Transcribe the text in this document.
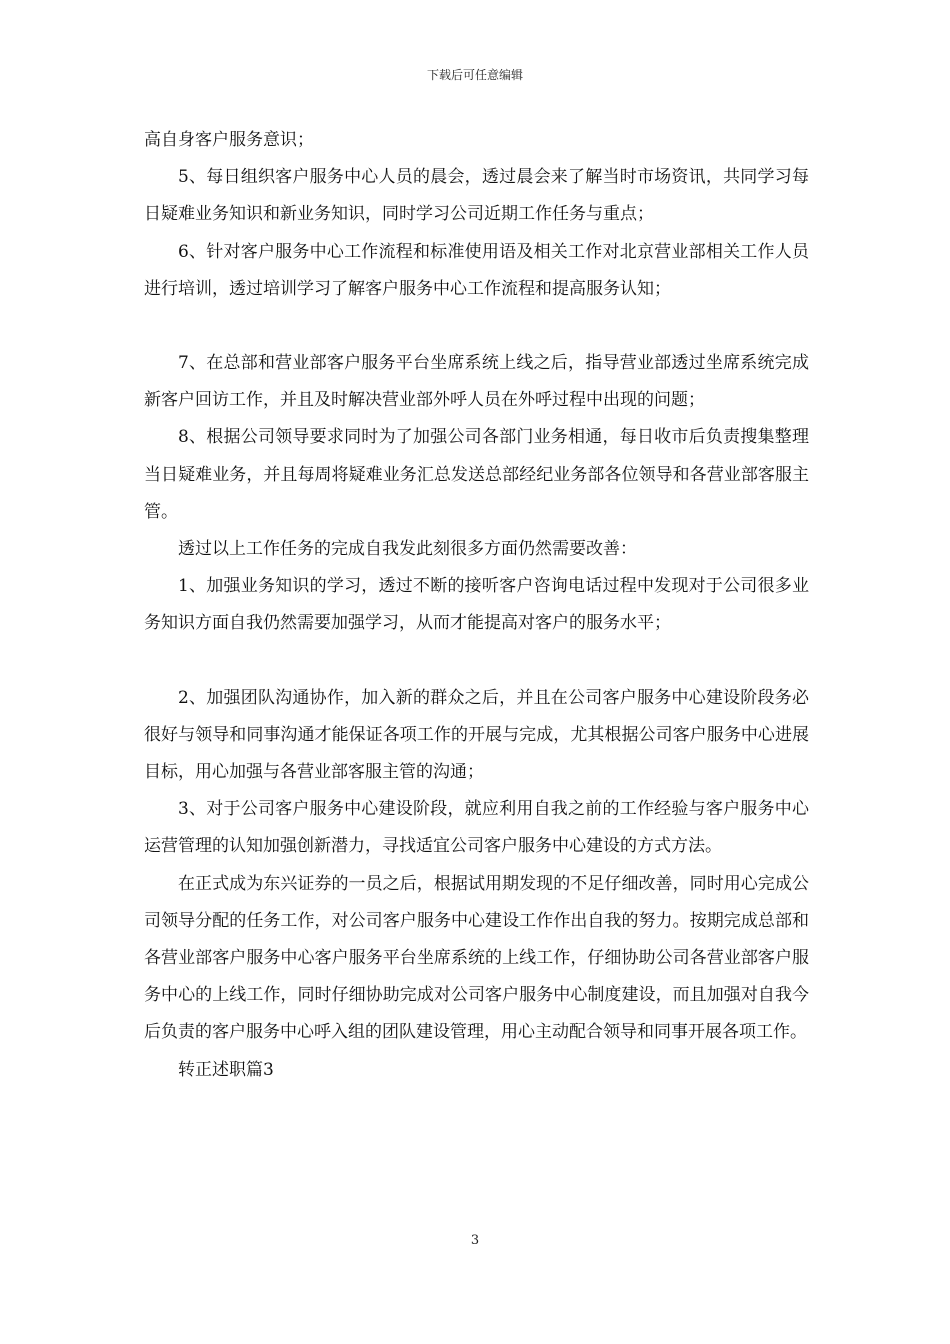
下载后可任意编辑

高自身客户服务意识；

5、每日组织客户服务中心人员的晨会，透过晨会来了解当时市场资讯，共同学习每日疑难业务知识和新业务知识，同时学习公司近期工作任务与重点；

6、针对客户服务中心工作流程和标准使用语及相关工作对北京营业部相关工作人员进行培训，透过培训学习了解客户服务中心工作流程和提高服务认知；

7、在总部和营业部客户服务平台坐席系统上线之后，指导营业部透过坐席系统完成新客户回访工作，并且及时解决营业部外呼人员在外呼过程中出现的问题；

8、根据公司领导要求同时为了加强公司各部门业务相通，每日收市后负责搜集整理当日疑难业务，并且每周将疑难业务汇总发送总部经纪业务部各位领导和各营业部客服主管。

透过以上工作任务的完成自我发此刻很多方面仍然需要改善：

1、加强业务知识的学习，透过不断的接听客户咨询电话过程中发现对于公司很多业务知识方面自我仍然需要加强学习，从而才能提高对客户的服务水平；

2、加强团队沟通协作，加入新的群众之后，并且在公司客户服务中心建设阶段务必很好与领导和同事沟通才能保证各项工作的开展与完成，尤其根据公司客户服务中心进展目标，用心加强与各营业部客服主管的沟通；

3、对于公司客户服务中心建设阶段，就应利用自我之前的工作经验与客户服务中心运营管理的认知加强创新潜力，寻找适宜公司客户服务中心建设的方式方法。

在正式成为东兴证券的一员之后，根据试用期发现的不足仔细改善，同时用心完成公司领导分配的任务工作，对公司客户服务中心建设工作作出自我的努力。按期完成总部和各营业部客户服务中心客户服务平台坐席系统的上线工作，仔细协助公司各营业部客户服务中心的上线工作，同时仔细协助完成对公司客户服务中心制度建设，而且加强对自我今后负责的客户服务中心呼入组的团队建设管理，用心主动配合领导和同事开展各项工作。

转正述职篇3

3
